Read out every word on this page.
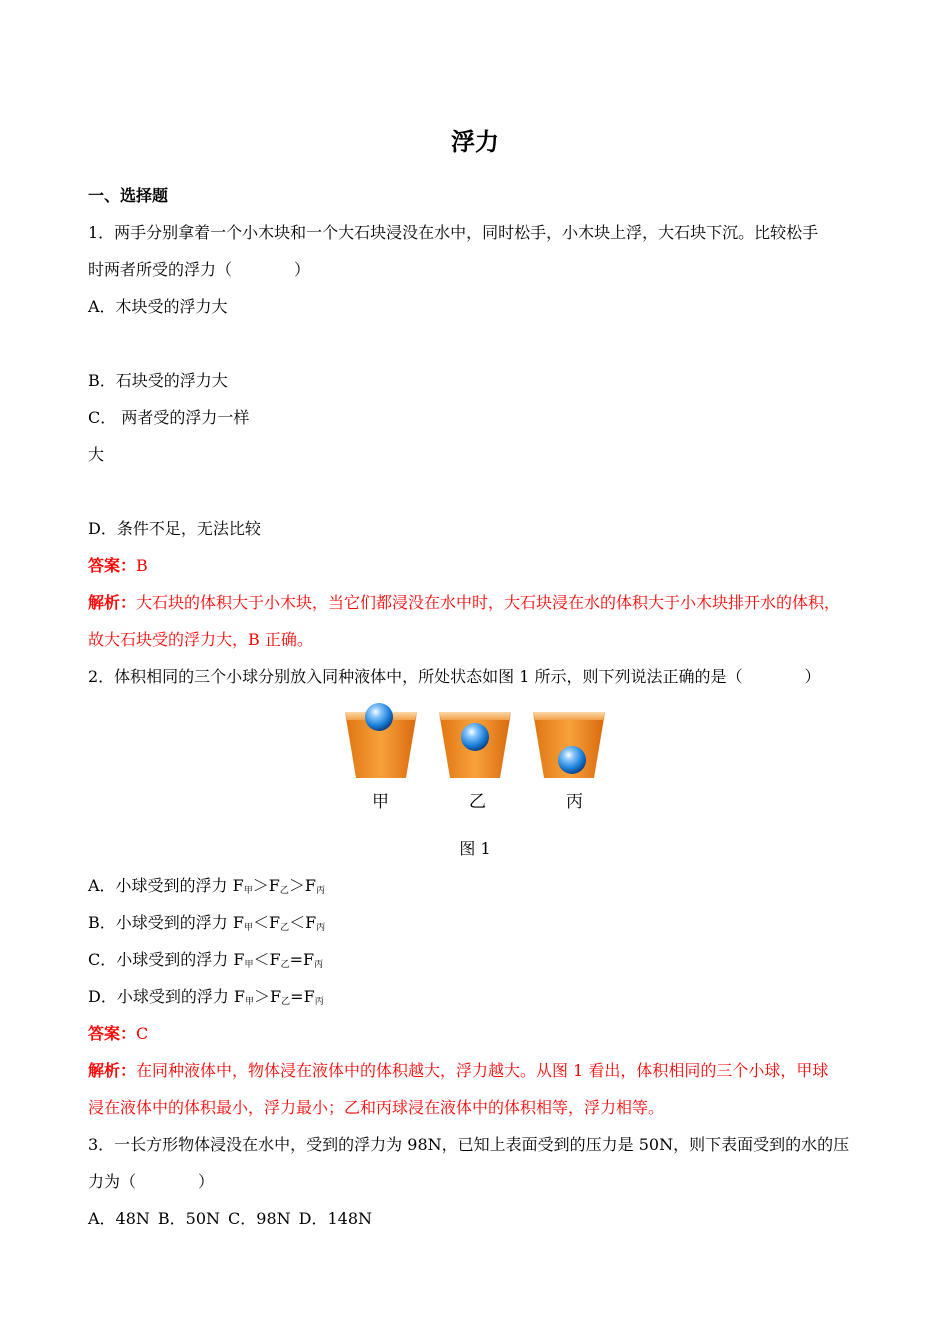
浮力
一、选择题
1．两手分别拿着一个小木块和一个大石块浸没在水中，同时松手，小木块上浮，大石块下沉。比较松手
时两者所受的浮力（	）
A．木块受的浮力大
B．石块受的浮力大
C． 两者受的浮力一样
大
D．条件不足，无法比较
答案：B
解析：大石块的体积大于小木块，当它们都浸没在水中时，大石块浸在水的体积大于小木块排开水的体积，
故大石块受的浮力大，B 正确。
2．体积相同的三个小球分别放入同种液体中，所处状态如图 1 所示，则下列说法正确的是（	）
甲	乙	丙
图 1
A．小球受到的浮力 $F_甲>F_乙>F_丙$
B．小球受到的浮力 $F_甲<F_乙<F_丙$
C．小球受到的浮力 $F_甲<F_乙=F_丙$
D．小球受到的浮力 $F_甲>F_乙=F_丙$
答案：C
解析：在同种液体中，物体浸在液体中的体积越大，浮力越大。从图 1 看出，体积相同的三个小球，甲球
浸在液体中的体积最小，浮力最小；乙和丙球浸在液体中的体积相等，浮力相等。
3．一长方形物体浸没在水中，受到的浮力为 98N，已知上表面受到的压力是 50N，则下表面受到的水的压
力为（	）
A．48N B．50N C．98N D．148N
